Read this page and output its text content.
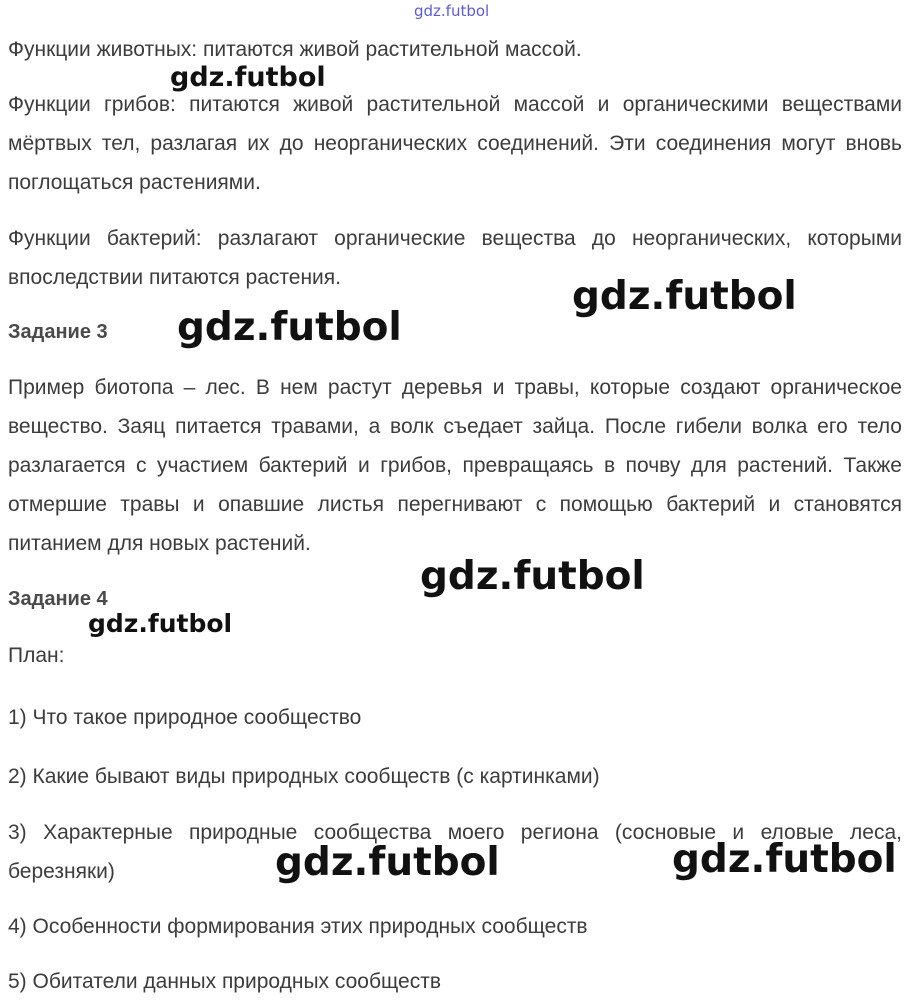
gdz.futbol

Функции животных: питаются живой растительной массой.

Функции грибов: питаются живой растительной массой и органическими веществами мёртвых тел, разлагая их до неорганических соединений. Эти соединения могут вновь поглощаться растениями.

Функции бактерий: разлагают органические вещества до неорганических, которыми впоследствии питаются растения.

Задание 3

Пример биотопа – лес. В нем растут деревья и травы, которые создают органическое вещество. Заяц питается травами, а волк съедает зайца. После гибели волка его тело разлагается с участием бактерий и грибов, превращаясь в почву для растений. Также отмершие травы и опавшие листья перегнивают с помощью бактерий и становятся питанием для новых растений.

Задание 4

План:

1) Что такое природное сообщество

2) Какие бывают виды природных сообществ (с картинками)

3) Характерные природные сообщества моего региона (сосновые и еловые леса, березняки)

4) Особенности формирования этих природных сообществ

5) Обитатели данных природных сообществ

gdz.futbol
gdz.futbol
gdz.futbol
gdz.futbol
gdz.futbol
gdz.futbol	gdz.futbol
